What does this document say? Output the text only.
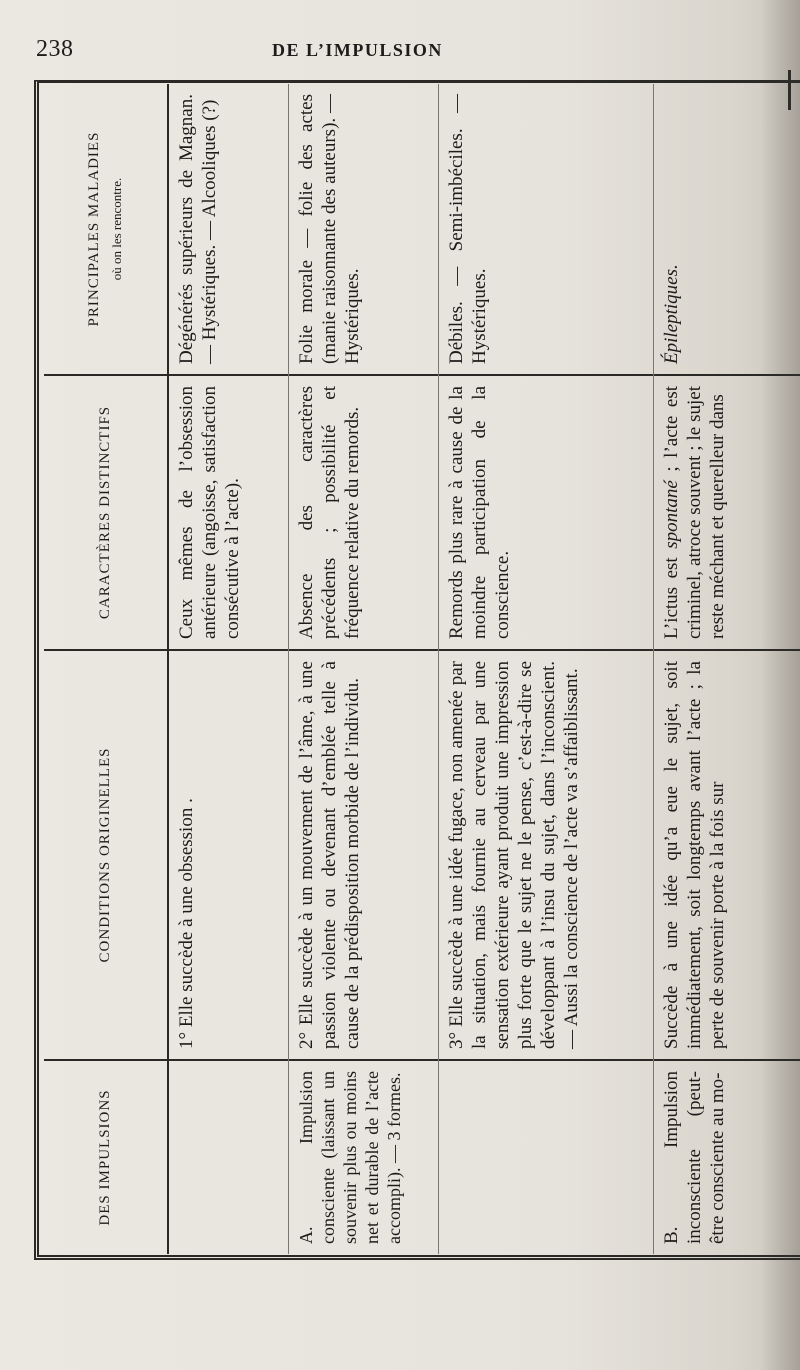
238	DE L’IMPULSION
DES IMPULSIONS
CONDITIONS ORIGINELLES
CARACTÈRES DISTINCTIFS
PRINCIPALES MALADIES où on les rencontre.
1° Elle succède à une obsession .
Ceux mêmes de l’obsession antérieure (angoisse, satisfaction consécutive à l’acte).
Dégénérés supérieurs de Magnan. — Hystériques. — Alcooliques (?)
A. Impulsion consciente (laissant un souvenir plus ou moins net et durable de l’acte accompli). — 3 formes.
2° Elle succède à un mouvement de l’âme, à une passion violente ou devenant d’emblée telle à cause de la prédisposition morbide de l’individu.
Absence des caractères précédents ; possibilité et fréquence relative du remords.
Folie morale — folie des actes (manie raisonnante des auteurs). — Hystériques.
3° Elle succède à une idée fugace, non amenée par la situation, mais fournie au cerveau par une sensation extérieure ayant produit une impression plus forte que le sujet ne le pense, c’est-à-dire se développant à l’insu du sujet, dans l’inconscient. — Aussi la conscience de l’acte va s’affaiblissant.
Remords plus rare à cause de la moindre participation de la conscience.
Débiles. — Semi-imbéciles. — Hystériques.
B. Impulsion inconsciente (peut-être consciente au mo-
Succède à une idée qu’a eue le sujet, soit immédiatement, soit longtemps avant l’acte ; la perte de souvenir porte à la fois sur
L’ictus est spontané ; l’acte est criminel, atroce souvent ; le sujet reste méchant et querelleur dans
Épileptiques.
